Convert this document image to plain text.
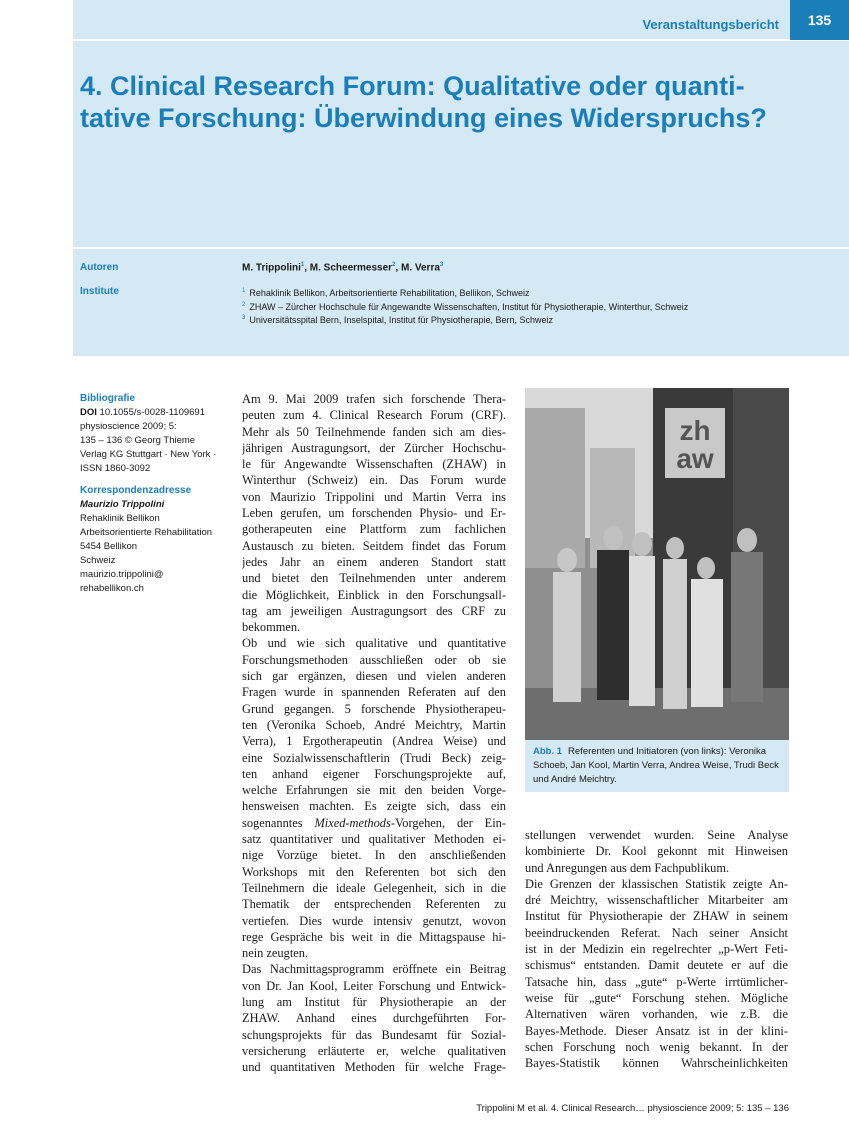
Veranstaltungsbericht	135
4. Clinical Research Forum: Qualitative oder quanti-
tative Forschung: Überwindung eines Widerspruchs?
Autoren
Institute
M. Trippolini$^1$, M. Scheermesser$^2$, M. Verra$^3$
$^1$ Rehaklinik Bellikon, Arbeitsorientierte Rehabilitation, Bellikon, Schweiz
$^2$ ZHAW – Zürcher Hochschule für Angewandte Wissenschaften, Institut für Physiotherapie, Winterthur, Schweiz
$^3$ Universitätsspital Bern, Inselspital, Institut für Physiotherapie, Bern, Schweiz
Bibliografie
DOI 10.1055/s-0028-1109691
physioscience 2009; 5:
135 – 136 © Georg Thieme
Verlag KG Stuttgart · New York ·
ISSN 1860-3092
Korrespondenzadresse
Maurizio Trippolini
Rehaklinik Bellikon
Arbeitsorientierte Rehabilitation
5454 Bellikon
Schweiz
maurizio.trippolini@
rehabellikon.ch
Am 9. Mai 2009 trafen sich forschende Thera-
peuten zum 4. Clinical Research Forum (CRF).
Mehr als 50 Teilnehmende fanden sich am dies-
jährigen Austragungsort, der Zürcher Hochschu-
le für Angewandte Wissenschaften (ZHAW) in
Winterthur (Schweiz) ein. Das Forum wurde
von Maurizio Trippolini und Martin Verra ins
Leben gerufen, um forschenden Physio- und Er-
gotherapeuten eine Plattform zum fachlichen
Austausch zu bieten. Seitdem findet das Forum
jedes Jahr an einem anderen Standort statt
und bietet den Teilnehmenden unter anderem
die Möglichkeit, Einblick in den Forschungsall-
tag am jeweiligen Austragungsort des CRF zu
bekommen.
Ob und wie sich qualitative und quantitative
Forschungsmethoden ausschließen oder ob sie
sich gar ergänzen, diesen und vielen anderen
Fragen wurde in spannenden Referaten auf den
Grund gegangen. 5 forschende Physiotherapeu-
ten (Veronika Schoeb, André Meichtry, Martin
Verra), 1 Ergotherapeutin (Andrea Weise) und
eine Sozialwissenschaftlerin (Trudi Beck) zeig-
ten anhand eigener Forschungsprojekte auf,
welche Erfahrungen sie mit den beiden Vorge-
hensweisen machten. Es zeigte sich, dass ein
sogenanntes Mixed-methods-Vorgehen, der Ein-
satz quantitativer und qualitativer Methoden ei-
nige Vorzüge bietet. In den anschließenden
Workshops mit den Referenten bot sich den
Teilnehmern die ideale Gelegenheit, sich in die
Thematik der entsprechenden Referenten zu
vertiefen. Dies wurde intensiv genutzt, wovon
rege Gespräche bis weit in die Mittagspause hi-
nein zeugten.
Das Nachmittagsprogramm eröffnete ein Beitrag
von Dr. Jan Kool, Leiter Forschung und Entwick-
lung am Institut für Physiotherapie an der
ZHAW. Anhand eines durchgeführten For-
schungsprojekts für das Bundesamt für Sozial-
versicherung erläuterte er, welche qualitativen
und quantitativen Methoden für welche Frage-
zh
aw
Abb. 1 Referenten und Initiatoren (von links): Veronika
Schoeb, Jan Kool, Martin Verra, Andrea Weise, Trudi Beck
und André Meichtry.
stellungen verwendet wurden. Seine Analyse
kombinierte Dr. Kool gekonnt mit Hinweisen
und Anregungen aus dem Fachpublikum.
Die Grenzen der klassischen Statistik zeigte An-
dré Meichtry, wissenschaftlicher Mitarbeiter am
Institut für Physiotherapie der ZHAW in seinem
beeindruckenden Referat. Nach seiner Ansicht
ist in der Medizin ein regelrechter „p-Wert Feti-
schismus“ entstanden. Damit deutete er auf die
Tatsache hin, dass „gute“ p-Werte irrtümlicher-
weise für „gute“ Forschung stehen. Mögliche
Alternativen wären vorhanden, wie z.B. die
Bayes-Methode. Dieser Ansatz ist in der klini-
schen Forschung noch wenig bekannt. In der
Bayes-Statistik können Wahrscheinlichkeiten
Trippolini M et al. 4. Clinical Research… physioscience 2009; 5: 135 – 136
